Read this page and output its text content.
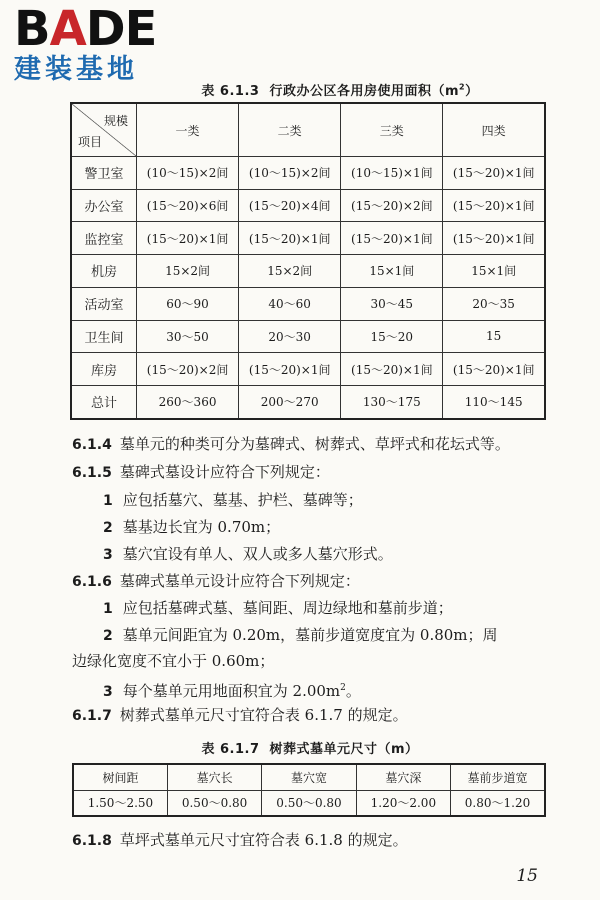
BADE
建装基地
表 6.1.3 行政办公区各用房使用面积$(m^2)$
规模
项目	一类	二类	三类	四类
警卫室	(10～15)×2间	(10～15)×2间	(10～15)×1间	(15～20)×1间
办公室	(15～20)×6间	(15～20)×4间	(15～20)×2间	(15～20)×1间
监控室	(15～20)×1间	(15～20)×1间	(15～20)×1间	(15～20)×1间
机房	15×2间	15×2间	15×1间	15×1间
活动室	60～90	40～60	30～45	20～35
卫生间	30～50	20～30	15～20	15
库房	(15～20)×2间	(15～20)×1间	(15～20)×1间	(15～20)×1间
总计	260～360	200～270	130～175	110～145
6.1.4 墓单元的种类可分为墓碑式、树葬式、草坪式和花坛式等。
6.1.5 墓碑式墓设计应符合下列规定：
1 应包括墓穴、墓基、护栏、墓碑等；
2 墓基边长宜为 0.70m；
3 墓穴宜设有单人、双人或多人墓穴形式。
6.1.6 墓碑式墓单元设计应符合下列规定：
1 应包括墓碑式墓、墓间距、周边绿地和墓前步道；
2 墓单元间距宜为 0.20m，墓前步道宽度宜为 0.80m；周
边绿化宽度不宜小于 0.60m；
3 每个墓单元用地面积宜为 $2.00m^2$。
6.1.7 树葬式墓单元尺寸宜符合表 6.1.7 的规定。
表 6.1.7 树葬式墓单元尺寸（m）
树间距	墓穴长	墓穴宽	墓穴深	墓前步道宽
1.50～2.50	0.50～0.80	0.50～0.80	1.20～2.00	0.80～1.20
6.1.8 草坪式墓单元尺寸宜符合表 6.1.8 的规定。
15
